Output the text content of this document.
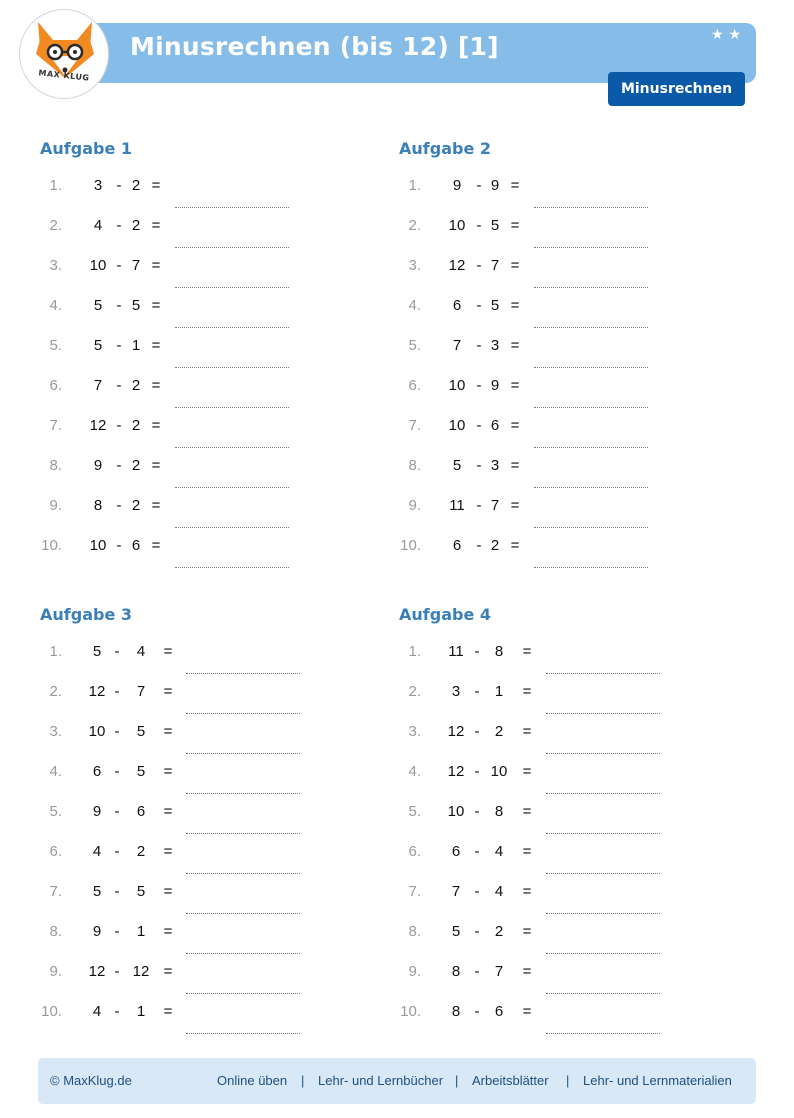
Minusrechnen (bis 12) [1]	★★
MAX KLUG
Minusrechnen
Aufgabe 1
1.	3 - 2 =
2.	4 - 2 =
3.	10 - 7 =
4.	5 - 5 =
5.	5 - 1 =
6.	7 - 2 =
7.	12 - 2 =
8.	9 - 2 =
9.	8 - 2 =
10.	10 - 6 =
Aufgabe 2
1.	9	- 9 =
2.	10 - 5 =
3.	12 - 7 =
4.	6	- 5 =
5.	7	- 3 =
6.	10 - 9 =
7.	10 - 6 =
8.	5	- 3 =
9.	11 - 7 =
10.	6	- 2 =
Aufgabe 3
1.	5 -	4	=
2.	12 -	7	=
3.	10 -	5	=
4.	6 -	5	=
5.	9 -	6	=
6.	4 -	2	=
7.	5 -	5	=
8.	9 -	1	=
9.	12 - 12 =
10.	4 -	1	=
Aufgabe 4
1.	11 -	8	=
2.	3 -	1	=
3.	12 -	2	=
4.	12 - 10	=
5.	10 -	8	=
6.	6 -	4	=
7.	7 -	4	=
8.	5 -	2	=
9.	8 -	7	=
10.	8 -	6	=
© MaxKlug.de	Online üben | Lehr- und Lernbücher | Arbeitsblätter | Lehr- und Lernmaterialien
